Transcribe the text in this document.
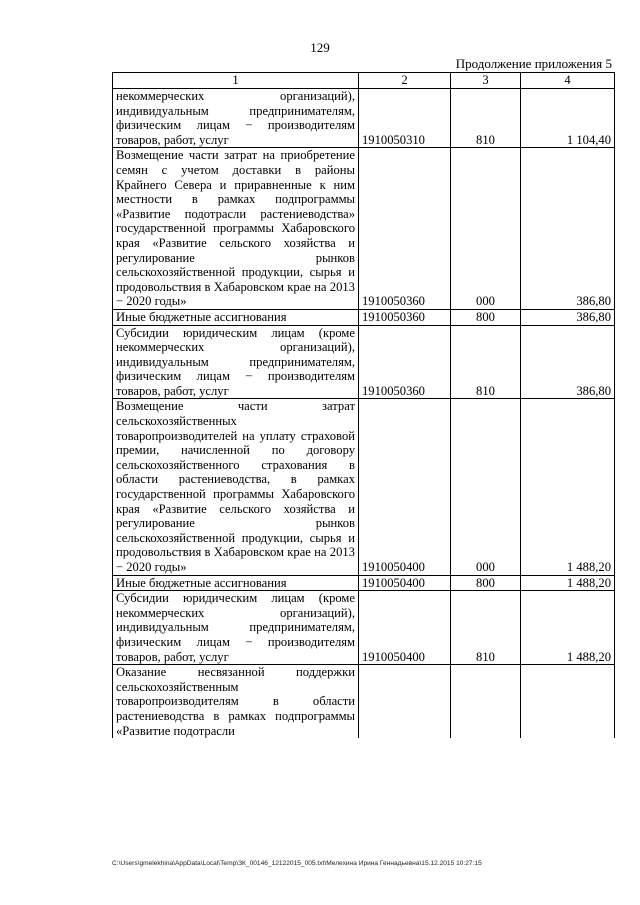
129
Продолжение приложения 5
1	2	3	4
некоммерческих организаций), индивидуальным предпринимателям, физическим лицам − производителям товаров, работ, услуг	1910050310	810	1 104,40
Возмещение части затрат на приобретение семян с учетом доставки в районы Крайнего Севера и приравненные к ним местности в рамках подпрограммы «Развитие подотрасли растениеводства» государственной программы Хабаровского края «Развитие сельского хозяйства и регулирование рынков сельскохозяйственной продукции, сырья и продовольствия в Хабаровском крае на 2013 − 2020 годы»	1910050360	000	386,80
Иные бюджетные ассигнования	1910050360	800	386,80
Субсидии юридическим лицам (кроме некоммерческих организаций), индивидуальным предпринимателям, физическим лицам − производителям товаров, работ, услуг	1910050360	810	386,80
Возмещение части затрат сельскохозяйственных товаропроизводителей на уплату страховой премии, начисленной по договору сельскохозяйственного страхования в области растениеводства, в рамках государственной программы Хабаровского края «Развитие сельского хозяйства и регулирование рынков сельскохозяйственной продукции, сырья и продовольствия в Хабаровском крае на 2013 − 2020 годы»	1910050400	000	1 488,20
Иные бюджетные ассигнования	1910050400	800	1 488,20
Субсидии юридическим лицам (кроме некоммерческих организаций), индивидуальным предпринимателям, физическим лицам − производителям товаров, работ, услуг	1910050400	810	1 488,20
Оказание несвязанной поддержки сельскохозяйственным товаропроизводителям в области растениеводства в рамках подпрограммы «Развитие подотрасли			
C:\Users\gmelekhina\AppData\Local\Temp\ЗК_00146_12122015_005.txt\Мелехина Ирина Геннадьевна\15.12.2015 10:27:15
